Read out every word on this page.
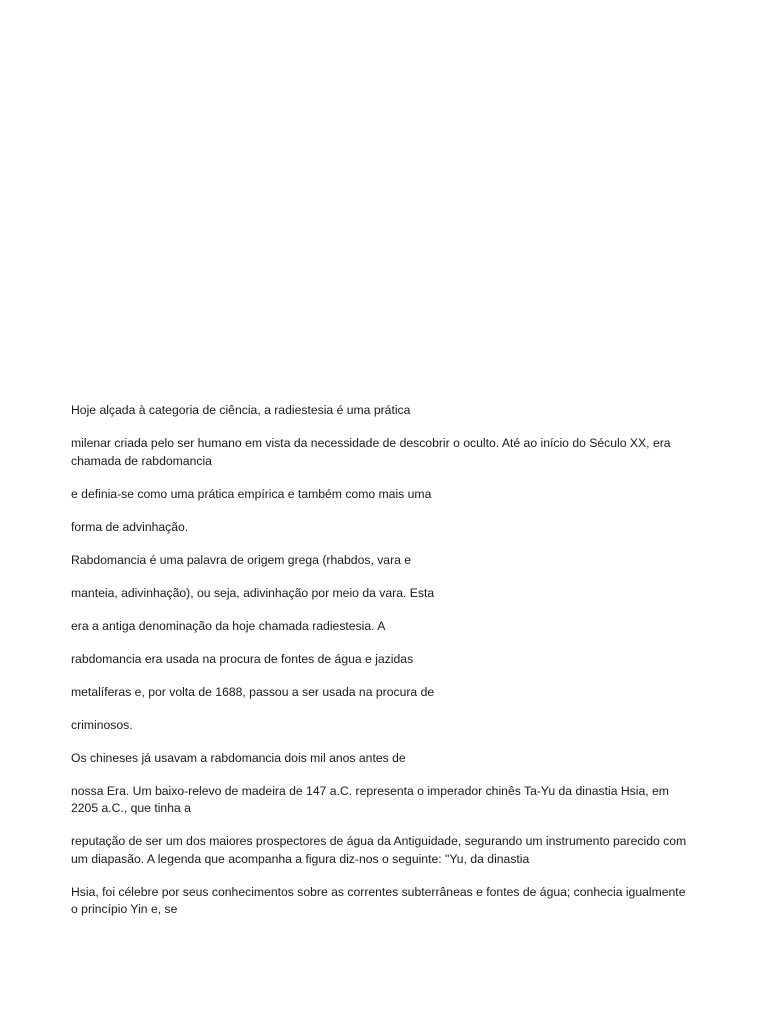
Hoje alçada à categoria de ciência, a radiestesia é uma prática

milenar criada pelo ser humano em vista da necessidade de descobrir o oculto. Até ao início do Século XX, era chamada de rabdomancia

e definia-se como uma prática empírica e também como mais uma

forma de advinhação.

Rabdomancia é uma palavra de origem grega (rhabdos, vara e

manteia, adivinhação), ou seja, adivinhação por meio da vara. Esta

era a antiga denominação da hoje chamada radiestesia. A

rabdomancia era usada na procura de fontes de água e jazidas

metalíferas e, por volta de 1688, passou a ser usada na procura de

criminosos.

Os chineses já usavam a rabdomancia dois mil anos antes de

nossa Era. Um baixo-relevo de madeira de 147 a.C. representa o imperador chinês Ta-Yu da dinastia Hsia, em 2205 a.C., que tinha a

reputação de ser um dos maiores prospectores de água da Antiguidade, segurando um instrumento parecido com um diapasão. A legenda que acompanha a figura diz-nos o seguinte: "Yu, da dinastia

Hsia, foi célebre por seus conhecimentos sobre as correntes subterrâneas e fontes de água; conhecia igualmente o princípio Yin e, se
